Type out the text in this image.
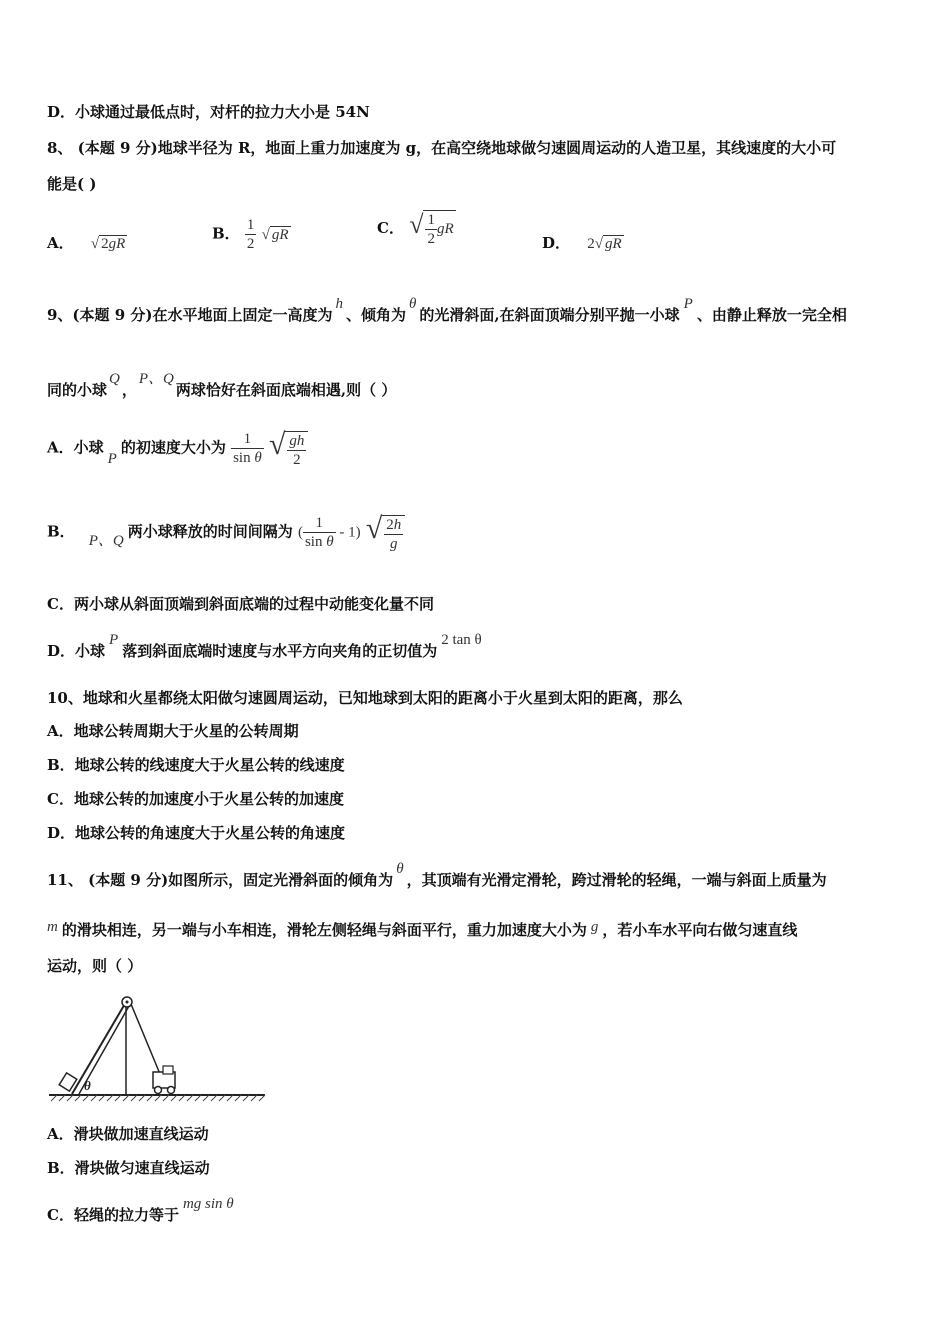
D．小球通过最低点时，对杆的拉力大小是 54N
8、 (本题 9 分)地球半径为 R，地面上重力加速度为 g，在高空绕地球做匀速圆周运动的人造卫星，其线速度的大小可
能是( )
A． √ 2gR
B． $\frac{1}{2}$ √ gR	C． √ $\frac{1}{2}$ gR
D． 2√ gR
9、(本题 9 分)在水平地面上固定一高度为h、倾角为θ的光滑斜面,在斜面顶端分别平抛一小球P、由静止释放一完全相
同的小球Q，P、Q两球恰好在斜面底端相遇,则（ ）
A．小球P的初速度大小为 $\frac{1}{\text{sin θ}}$ √ $\frac{gh}{2}$
B． P、Q 两小球释放的时间间隔为 ( $\frac{1}{\text{sin θ}} - 1$) √ $\frac{2h}{g}$
C．两小球从斜面顶端到斜面底端的过程中动能变化量不同
D．小球P落到斜面底端时速度与水平方向夹角的正切值为2 tan θ
10、地球和火星都绕太阳做匀速圆周运动，已知地球到太阳的距离小于火星到太阳的距离，那么
A．地球公转周期大于火星的公转周期
B．地球公转的线速度大于火星公转的线速度
C．地球公转的加速度小于火星公转的加速度
D．地球公转的角速度大于火星公转的角速度
11、 (本题 9 分)如图所示，固定光滑斜面的倾角为θ，其顶端有光滑定滑轮，跨过滑轮的轻绳，一端与斜面上质量为
m 的滑块相连，另一端与小车相连，滑轮左侧轻绳与斜面平行，重力加速度大小为 g ，若小车水平向右做匀速直线
运动，则（ ）
θ
A．滑块做加速直线运动
B．滑块做匀速直线运动
C．轻绳的拉力等于mg sin θ
